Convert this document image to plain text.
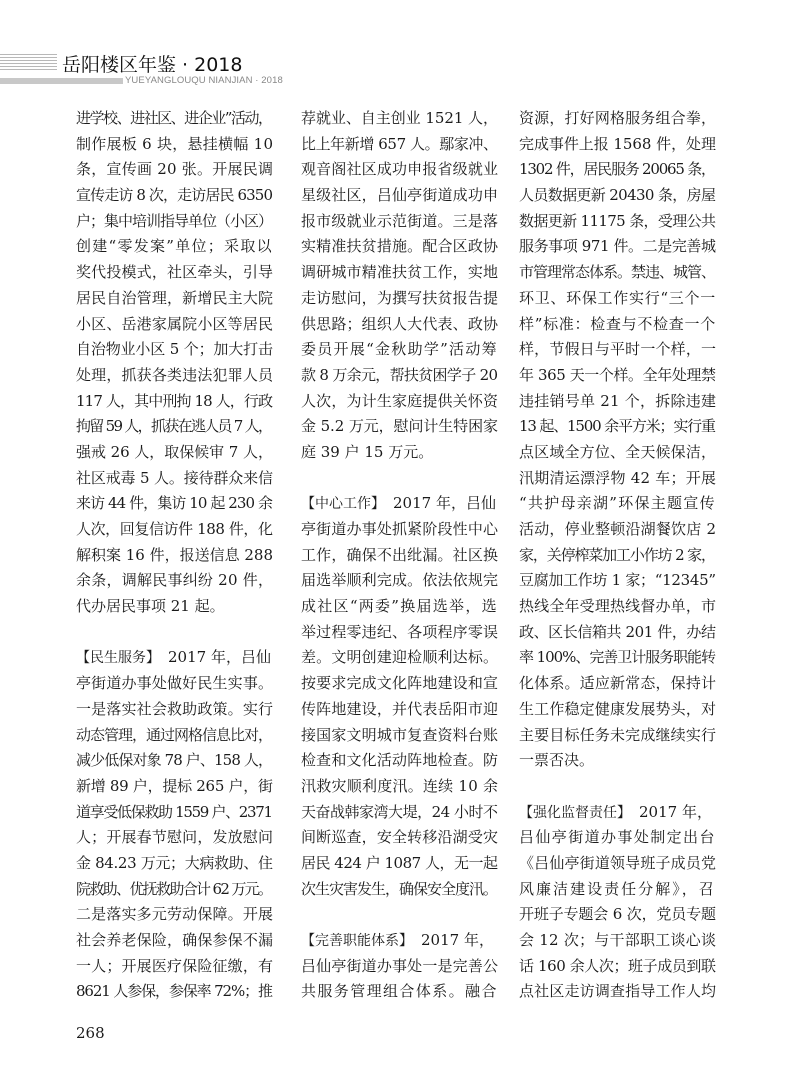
岳阳楼区年鉴 · 2018
YUEYANGLOUQU NIANJIAN · 2018
进学校、进社区、进企业”活动，
制作展板 6 块，悬挂横幅 10
条，宣传画 20 张。开展民调
宣传走访 8 次，走访居民 6350
户；集中培训指导单位（小区）
创建“零发案”单位；采取以
奖代投模式，社区牵头，引导
居民自治管理，新增民主大院
小区、岳港家属院小区等居民
自治物业小区 5 个；加大打击
处理，抓获各类违法犯罪人员
117 人，其中刑拘 18 人，行政
拘留 59 人，抓获在逃人员 7 人，
强戒 26 人，取保候审 7 人，
社区戒毒 5 人。接待群众来信
来访 44 件，集访 10 起 230 余
人次，回复信访件 188 件，化
解积案 16 件，报送信息 288
余条，调解民事纠纷 20 件，
代办居民事项 21 起。
【民生服务】　2017 年，吕仙
亭街道办事处做好民生实事。
一是落实社会救助政策。实行
动态管理，通过网格信息比对，
减少低保对象 78 户、158 人，
新增 89 户，提标 265 户，街
道享受低保救助 1559 户、2371
人；开展春节慰问，发放慰问
金 84.23 万元；大病救助、住
院救助、优抚救助合计 62 万元。
二是落实多元劳动保障。开展
社会养老保险，确保参保不漏
一人；开展医疗保险征缴，有
8621 人参保，参保率 72%；推
荐就业、自主创业 1521 人，
比上年新增 657 人。鄢家冲、
观音阁社区成功申报省级就业
星级社区，吕仙亭街道成功申
报市级就业示范街道。三是落
实精准扶贫措施。配合区政协
调研城市精准扶贫工作，实地
走访慰问，为撰写扶贫报告提
供思路；组织人大代表、政协
委员开展“金秋助学”活动筹
款 8 万余元，帮扶贫困学子 20
人次，为计生家庭提供关怀资
金 5.2 万元，慰问计生特困家
庭 39 户 15 万元。
【中心工作】　2017 年，吕仙
亭街道办事处抓紧阶段性中心
工作，确保不出纰漏。社区换
届选举顺利完成。依法依规完
成社区“两委”换届选举，选
举过程零违纪、各项程序零误
差。文明创建迎检顺利达标。
按要求完成文化阵地建设和宣
传阵地建设，并代表岳阳市迎
接国家文明城市复查资料台账
检查和文化活动阵地检查。防
汛救灾顺利度汛。连续 10 余
天奋战韩家湾大堤，24 小时不
间断巡查，安全转移沿湖受灾
居民 424 户 1087 人，无一起
次生灾害发生，确保安全度汛。
【完善职能体系】　2017 年，
吕仙亭街道办事处一是完善公
共服务管理组合体系。融合
资源，打好网格服务组合拳，
完成事件上报 1568 件，处理
1302 件，居民服务 20065 条，
人员数据更新 20430 条，房屋
数据更新 11175 条，受理公共
服务事项 971 件。二是完善城
市管理常态体系。禁违、城管、
环卫、环保工作实行“三个一
样”标准：检查与不检查一个
样，节假日与平时一个样，一
年 365 天一个样。全年处理禁
违挂销号单 21 个，拆除违建
13 起、1500 余平方米；实行重
点区域全方位、全天候保洁，
汛期清运漂浮物 42 车；开展
“共护母亲湖”环保主题宣传
活动，停业整顿沿湖餐饮店 2
家，关停榨菜加工小作坊 2 家，
豆腐加工作坊 1 家；“12345”
热线全年受理热线督办单，市
政、区长信箱共 201 件，办结
率 100%、完善卫计服务职能转
化体系。适应新常态，保持计
生工作稳定健康发展势头，对
主要目标任务未完成继续实行
一票否决。
【强化监督责任】　2017 年，
吕仙亭街道办事处制定出台
《吕仙亭街道领导班子成员党
风廉洁建设责任分解》，召
开班子专题会 6 次，党员专题
会 12 次；与干部职工谈心谈
话 160 余人次；班子成员到联
点社区走访调查指导工作人均
268
